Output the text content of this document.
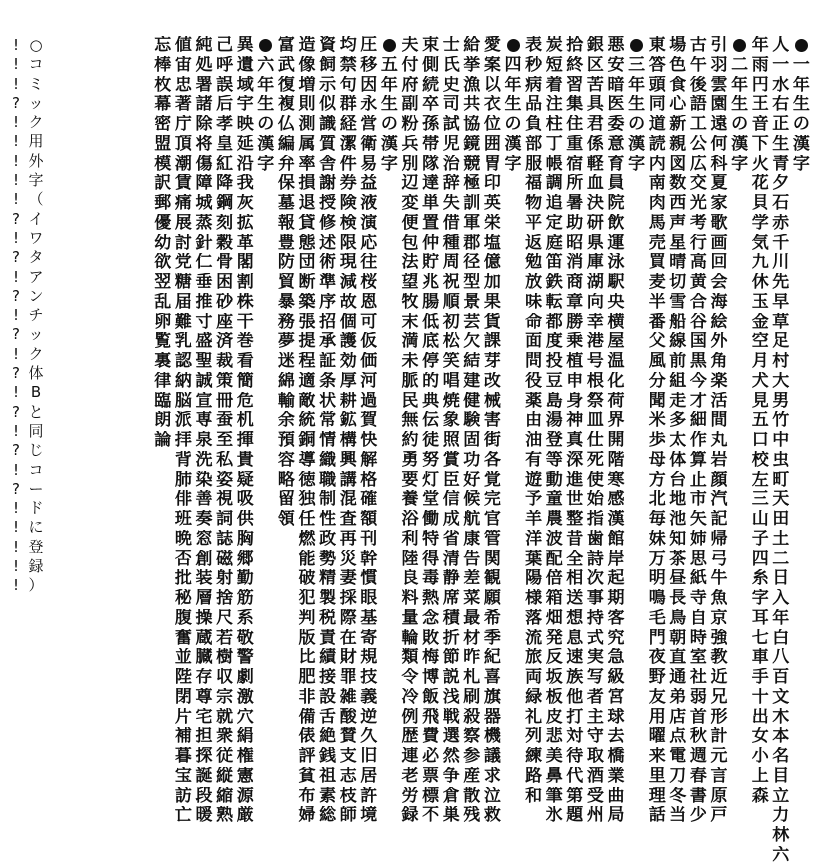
一
年
生
の
漢
字
人
一
水
右
正
生
青
夕
石
赤
千
川
先
早
草
足
村
大
男
竹
中
虫
町
天
田
土
二
日
入
年
白
八
百
文
木
本
名
目
立
力
林
六
年
雨
円
王
音
下
火
花
貝
学
気
九
休
玉
金
空
月
犬
見
五
口
校
左
三
山
子
四
糸
字
耳
七
車
手
十
出
女
小
上
森
二
年
生
の
漢
字
引
羽
雲
園
遠
何
科
夏
家
歌
画
回
会
海
絵
外
角
楽
活
間
丸
岩
顔
汽
記
帰
弓
牛
魚
京
強
教
近
兄
形
計
元
言
原
戸
古
午
後
語
工
公
広
交
光
考
行
高
黄
合
谷
国
黒
今
才
細
作
算
止
市
矢
姉
思
紙
寺
自
時
室
社
弱
首
秋
週
春
書
少
場
色
食
心
新
親
図
数
西
声
星
晴
切
雪
船
線
前
組
走
多
太
体
台
地
池
知
茶
昼
長
鳥
朝
直
通
弟
店
点
電
刀
冬
当
東
答
頭
同
道
読
内
南
肉
馬
売
買
麦
半
番
父
風
分
聞
米
歩
母
方
北
毎
妹
万
明
鳴
毛
門
夜
野
友
用
曜
来
里
理
話
三
年
生
の
漢
字
悪
安
暗
医
委
意
育
員
院
飲
運
泳
駅
央
横
屋
温
化
荷
界
開
階
寒
感
漢
館
岸
起
期
客
究
急
級
宮
球
去
橋
業
曲
局
銀
区
苦
具
君
係
軽
血
決
研
県
庫
湖
向
幸
港
号
根
祭
皿
仕
死
使
始
指
歯
詩
次
事
持
式
実
写
者
主
守
取
酒
受
州
拾
終
習
集
住
重
宿
所
暑
助
昭
消
商
章
勝
乗
植
申
身
神
真
深
進
世
整
昔
全
相
送
想
息
速
族
他
打
対
待
代
第
題
炭
短
着
注
柱
丁
帳
調
追
定
庭
笛
鉄
転
都
度
投
豆
島
湯
登
等
動
童
農
波
配
倍
箱
畑
発
反
坂
板
皮
悲
美
鼻
筆
氷
表
秒
病
品
負
部
服
福
物
平
返
勉
放
味
命
面
問
役
薬
由
油
有
遊
予
羊
洋
葉
陽
様
落
流
旅
両
緑
礼
列
練
路
和
四
年
生
の
漢
字
愛
案
以
衣
位
囲
胃
印
英
栄
塩
億
加
果
貨
課
芽
改
械
害
街
各
覚
完
官
管
関
観
願
希
季
紀
喜
旗
器
機
議
求
泣
救
給
挙
漁
共
協
鏡
競
極
訓
軍
郡
径
型
景
芸
欠
結
建
健
験
固
功
好
候
航
康
告
差
菜
最
材
昨
札
刷
殺
察
参
産
散
残
士
氏
史
司
試
児
治
辞
失
借
種
周
祝
順
初
松
笑
唱
焼
象
照
賞
臣
信
成
省
清
静
席
積
折
節
説
浅
戦
選
然
争
倉
巣
束
側
続
卒
孫
帯
隊
達
単
置
仲
貯
兆
腸
低
底
停
的
典
伝
徒
努
灯
堂
働
特
得
毒
熱
念
敗
梅
博
飯
飛
費
必
票
標
不
夫
付
府
副
粉
兵
別
辺
変
便
包
法
望
牧
末
満
未
脈
民
無
約
勇
要
養
浴
利
陸
良
料
量
輪
類
令
冷
例
歴
連
老
労
録
五
年
生
の
漢
字
圧
移
因
永
営
衛
易
益
液
演
応
往
桜
恩
可
仮
価
河
過
賀
快
解
格
確
額
刊
幹
慣
眼
基
寄
規
技
義
逆
久
旧
居
許
境
均
禁
句
群
経
潔
件
券
険
検
限
現
減
故
個
護
効
厚
耕
鉱
構
興
講
混
査
再
災
妻
採
際
在
財
罪
雑
酸
賛
支
志
枝
師
資
飼
示
似
識
質
舎
謝
授
修
述
術
準
序
招
承
証
条
状
常
情
織
職
制
性
政
勢
精
製
税
責
績
接
設
舌
絶
銭
祖
素
総
造
像
増
則
測
属
率
損
退
貸
態
団
断
築
張
提
程
適
敵
統
銅
導
徳
独
任
燃
能
破
犯
判
版
比
肥
非
備
俵
評
貧
布
婦
富
武
復
複
仏
編
弁
保
墓
報
豊
防
貿
暴
務
夢
迷
綿
輸
余
預
容
略
留
領
六
年
生
の
漢
字
異
遺
域
宇
映
延
沿
我
灰
拡
革
閣
割
株
干
巻
看
簡
危
机
揮
貴
疑
吸
供
胸
郷
勤
筋
系
敬
警
劇
激
穴
絹
権
憲
源
厳
己
呼
誤
后
孝
皇
紅
降
鋼
刻
穀
骨
困
砂
座
済
裁
策
冊
蚕
至
私
姿
視
詞
誌
磁
射
捨
尺
若
樹
収
宗
就
衆
従
縦
縮
熟
純
処
署
諸
除
将
傷
障
城
蒸
針
仁
垂
推
寸
盛
聖
誠
宣
専
泉
洗
染
善
奏
窓
創
装
層
操
蔵
臓
存
尊
宅
担
探
誕
段
暖
値
宙
忠
著
庁
頂
潮
賃
痛
展
討
党
糖
届
難
乳
認
納
脳
派
拝
背
肺
俳
班
晩
否
批
秘
腹
奮
並
陛
閉
片
補
暮
宝
訪
亡
忘
棒
枚
幕
密
盟
模
訳
郵
優
幼
欲
翌
乱
卵
覧
裏
律
臨
朗
論
○
コ
ミ
ッ
ク
用
外
字
（
イ
ワ
タ
ア
ン
チ
ッ
ク
体
B
と
同
じ
コ
ー
ド
に
登
録
）
!
!
!
?
!
!
!
!
!
?
!
?
!
?
!
?
!
?
!
?
!
?
!
?
!
!
!
!
!
